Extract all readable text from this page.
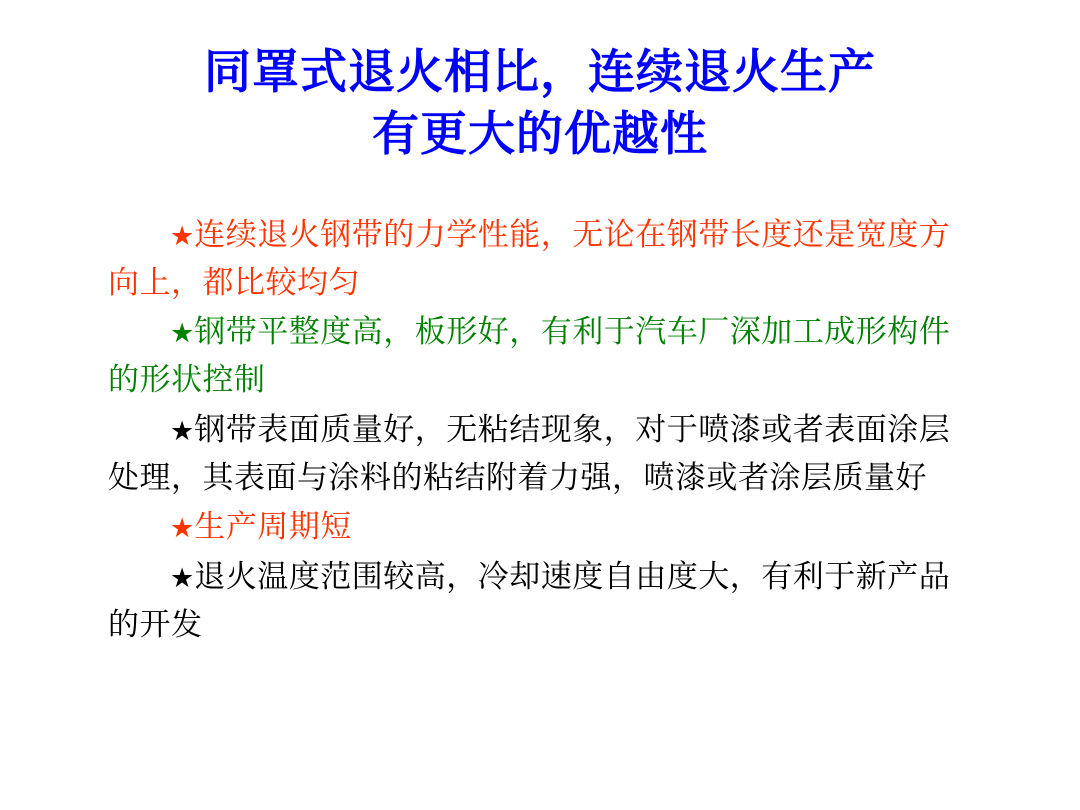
同罩式退火相比，连续退火生产
有更大的优越性

★连续退火钢带的力学性能，无论在钢带长度还是宽度方向上，都比较均匀

★钢带平整度高，板形好，有利于汽车厂深加工成形构件的形状控制

★钢带表面质量好，无粘结现象，对于喷漆或者表面涂层处理，其表面与涂料的粘结附着力强，喷漆或者涂层质量好

★生产周期短

★退火温度范围较高，冷却速度自由度大，有利于新产品的开发
